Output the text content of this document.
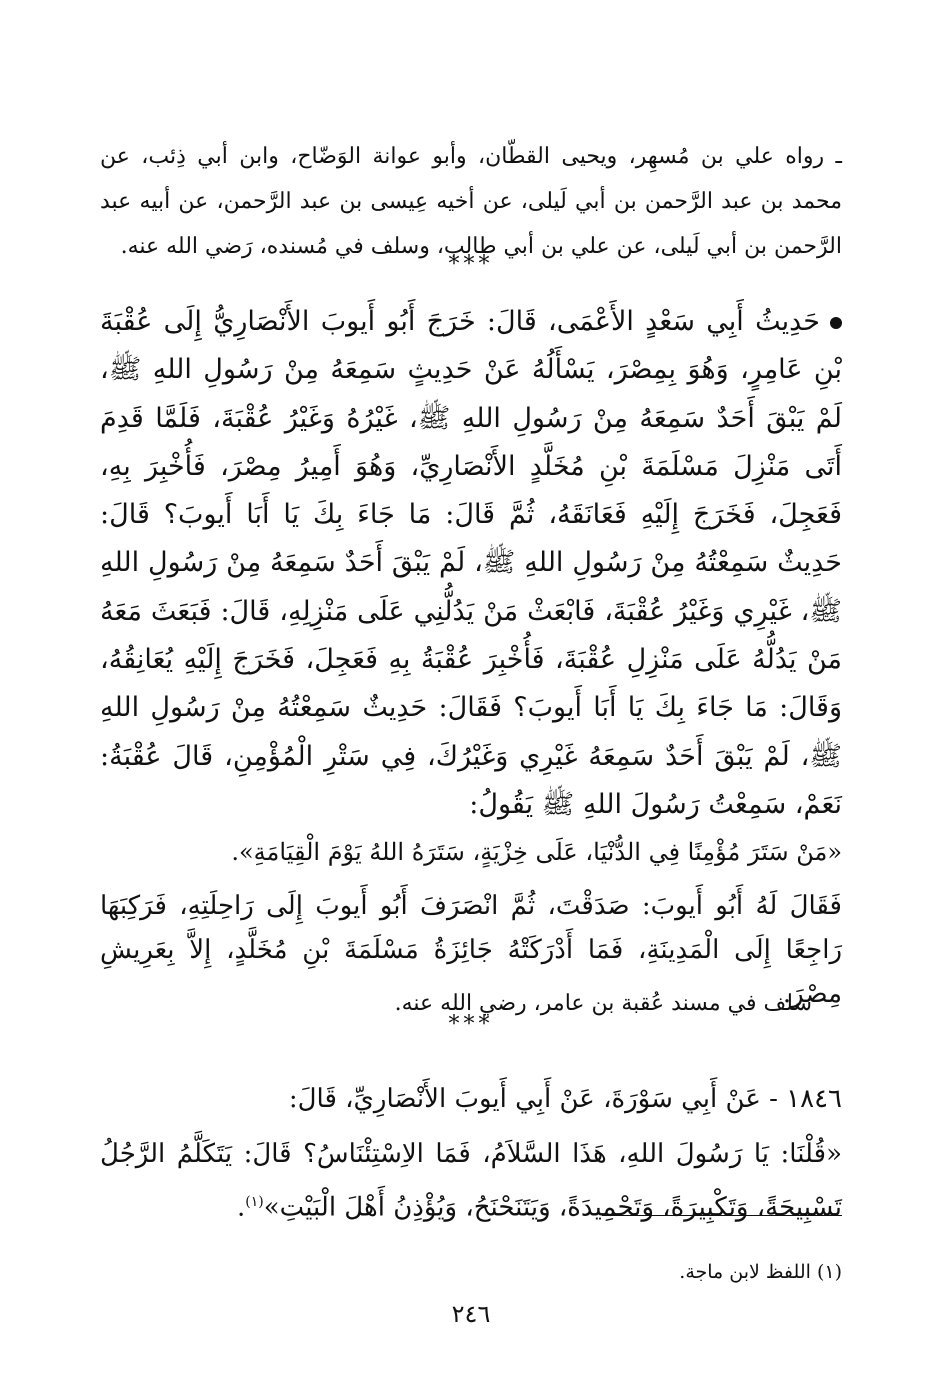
ـ رواه علي بن مُسهِر، ويحيى القطّان، وأبو عوانة الوَضّاح، وابن أبي ذِئب، عن محمد بن عبد الرَّحمن بن أبي لَيلى، عن أخيه عِيسى بن عبد الرَّحمن، عن أبيه عبد الرَّحمن بن أبي لَيلى، عن علي بن أبي طالب، وسلف في مُسنده، رَضي الله عنه.

***
حَدِيثُ أَبِي سَعْدٍ الأَعْمَى، قَالَ: خَرَجَ أَبُو أَيوبَ الأَنْصَارِيُّ إِلَى عُقْبَةَ بْنِ عَامِرٍ، وَهُوَ بِمِصْرَ، يَسْأَلُهُ عَنْ حَدِيثٍ سَمِعَهُ مِنْ رَسُولِ اللهِ ﷺ، لَمْ يَبْقَ أَحَدٌ سَمِعَهُ مِنْ رَسُولِ اللهِ ﷺ، غَيْرُهُ وَغَيْرُ عُقْبَةَ، فَلَمَّا قَدِمَ أَتَى مَنْزِلَ مَسْلَمَةَ بْنِ مُخَلَّدٍ الأَنْصَارِيِّ، وَهُوَ أَمِيرُ مِصْرَ، فَأُخْبِرَ بِهِ، فَعَجِلَ، فَخَرَجَ إِلَيْهِ فَعَانَقَهُ، ثُمَّ قَالَ: مَا جَاءَ بِكَ يَا أَبَا أَيوبَ؟ قَالَ: حَدِيثٌ سَمِعْتُهُ مِنْ رَسُولِ اللهِ ﷺ، لَمْ يَبْقَ أَحَدٌ سَمِعَهُ مِنْ رَسُولِ اللهِ ﷺ، غَيْرِي وَغَيْرُ عُقْبَةَ، فَابْعَثْ مَنْ يَدُلُّنِي عَلَى مَنْزِلِهِ، قَالَ: فَبَعَثَ مَعَهُ مَنْ يَدُلُّهُ عَلَى مَنْزِلِ عُقْبَةَ، فَأُخْبِرَ عُقْبَةُ بِهِ فَعَجِلَ، فَخَرَجَ إِلَيْهِ يُعَانِقُهُ، وَقَالَ: مَا جَاءَ بِكَ يَا أَبَا أَيوبَ؟ فَقَالَ: حَدِيثٌ سَمِعْتُهُ مِنْ رَسُولِ اللهِ ﷺ، لَمْ يَبْقَ أَحَدٌ سَمِعَهُ غَيْرِي وَغَيْرُكَ، فِي سَتْرِ الْمُؤْمِنِ، قَالَ عُقْبَةُ: نَعَمْ، سَمِعْتُ رَسُولَ اللهِ ﷺ يَقُولُ:

«مَنْ سَتَرَ مُؤْمِنًا فِي الدُّنْيَا، عَلَى خِزْيَةٍ، سَتَرَهُ اللهُ يَوْمَ الْقِيَامَةِ».

فَقَالَ لَهُ أَبُو أَيوبَ: صَدَقْتَ، ثُمَّ انْصَرَفَ أَبُو أَيوبَ إِلَى رَاحِلَتِهِ، فَرَكِبَهَا رَاجِعًا إِلَى الْمَدِينَةِ، فَمَا أَدْرَكَتْهُ جَائِزَةُ مَسْلَمَةَ بْنِ مُخَلَّدٍ، إِلاَّ بِعَرِيشِ مِصْرَ.

سلف في مسند عُقبة بن عامر، رضي الله عنه.

***

١٨٤٦ - عَنْ أَبِي سَوْرَةَ، عَنْ أَبِي أَيوبَ الأَنْصَارِيِّ، قَالَ:

«قُلْنَا: يَا رَسُولَ اللهِ، هَذَا السَّلاَمُ، فَمَا الاِسْتِئْنَاسُ؟ قَالَ: يَتَكَلَّمُ الرَّجُلُ تَسْبِيحَةً، وَتَكْبِيرَةً، وَتَحْمِيدَةً، وَيَتَنَحْنَحُ، وَيُؤْذِنُ أَهْلَ الْبَيْتِ»$^{(١)}$.

(١) اللفظ لابن ماجة.

٢٤٦
